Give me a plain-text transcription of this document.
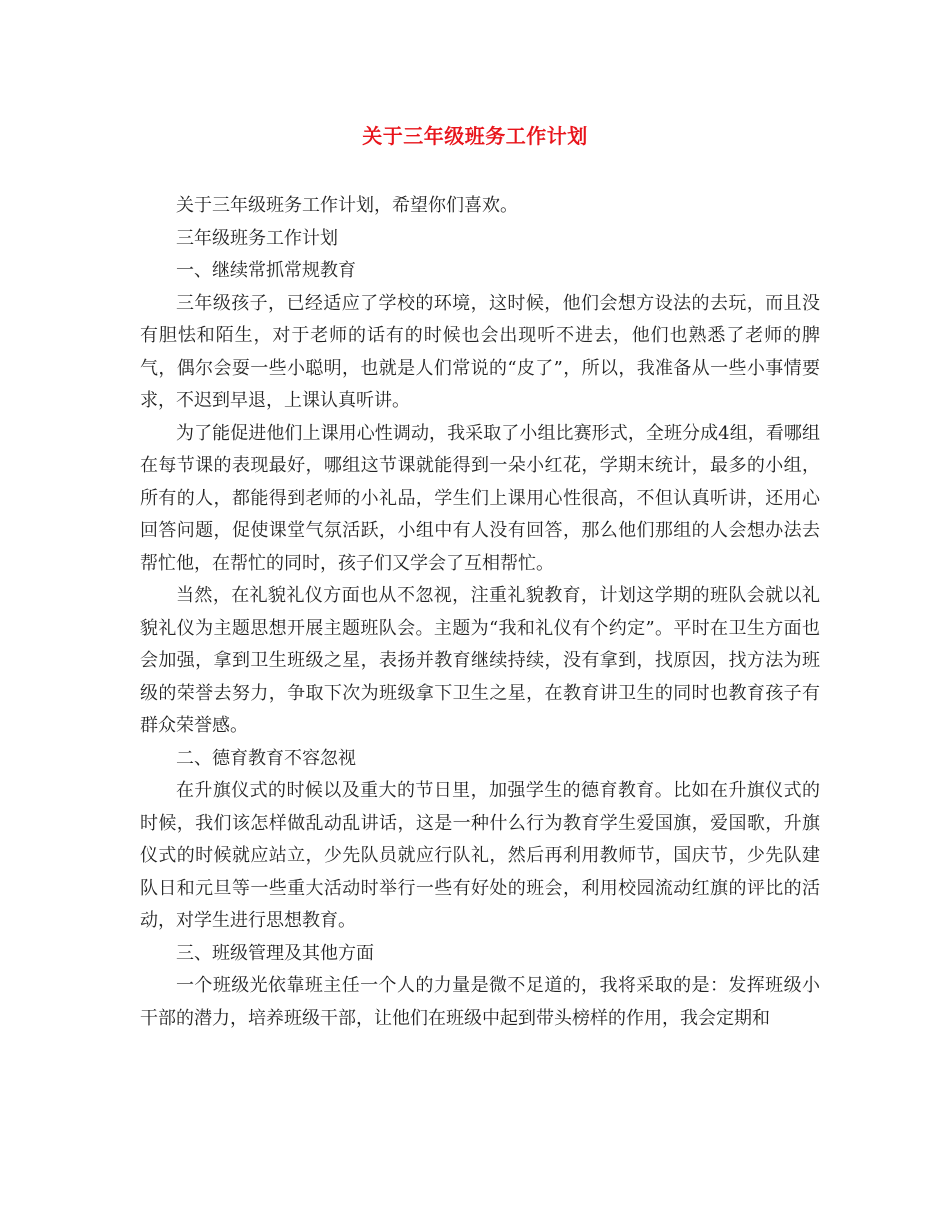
关于三年级班务工作计划

关于三年级班务工作计划，希望你们喜欢。

三年级班务工作计划

一、继续常抓常规教育

三年级孩子，已经适应了学校的环境，这时候，他们会想方设法的去玩，而且没有胆怯和陌生，对于老师的话有的时候也会出现听不进去，他们也熟悉了老师的脾气，偶尔会耍一些小聪明，也就是人们常说的“皮了”，所以，我准备从一些小事情要求，不迟到早退，上课认真听讲。

为了能促进他们上课用心性调动，我采取了小组比赛形式，全班分成4组，看哪组在每节课的表现最好，哪组这节课就能得到一朵小红花，学期末统计，最多的小组，所有的人，都能得到老师的小礼品，学生们上课用心性很高，不但认真听讲，还用心回答问题，促使课堂气氛活跃，小组中有人没有回答，那么他们那组的人会想办法去帮忙他，在帮忙的同时，孩子们又学会了互相帮忙。

当然，在礼貌礼仪方面也从不忽视，注重礼貌教育，计划这学期的班队会就以礼貌礼仪为主题思想开展主题班队会。主题为“我和礼仪有个约定”。平时在卫生方面也会加强，拿到卫生班级之星，表扬并教育继续持续，没有拿到，找原因，找方法为班级的荣誉去努力，争取下次为班级拿下卫生之星，在教育讲卫生的同时也教育孩子有群众荣誉感。

二、德育教育不容忽视

在升旗仪式的时候以及重大的节日里，加强学生的德育教育。比如在升旗仪式的时候，我们该怎样做乱动乱讲话，这是一种什么行为教育学生爱国旗，爱国歌，升旗仪式的时候就应站立，少先队员就应行队礼，然后再利用教师节，国庆节，少先队建队日和元旦等一些重大活动时举行一些有好处的班会，利用校园流动红旗的评比的活动，对学生进行思想教育。

三、班级管理及其他方面

一个班级光依靠班主任一个人的力量是微不足道的，我将采取的是：发挥班级小干部的潜力，培养班级干部，让他们在班级中起到带头榜样的作用，我会定期和
